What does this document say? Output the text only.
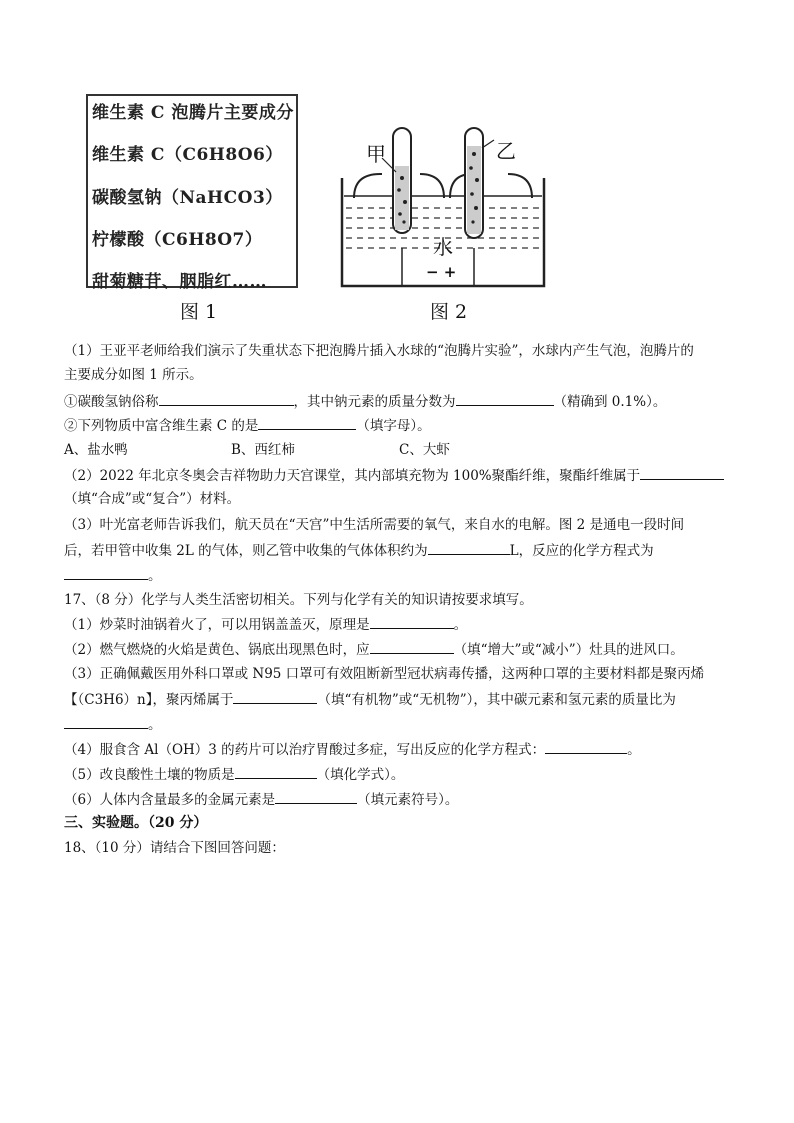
维生素 C 泡腾片主要成分
维生素 C（C6H8O6）
碳酸氢钠（NaHCO3）
柠檬酸（C6H8O7）
甜菊糖苷、胭脂红……
图 1
甲	乙
水
− +
图 2
（1）王亚平老师给我们演示了失重状态下把泡腾片插入水球的“泡腾片实验”，水球内产生气泡，泡腾片的
主要成分如图 1 所示。
①碳酸氢钠俗称	，其中钠元素的质量分数为	（精确到 0.1%）。
②下列物质中富含维生素 C 的是	（填字母）。
A、盐水鸭	B、西红柿	C、大虾
（2）2022 年北京冬奥会吉祥物助力天宫课堂，其内部填充物为 100%聚酯纤维，聚酯纤维属于
（填“合成”或“复合”）材料。
（3）叶光富老师告诉我们，航天员在“天宫”中生活所需要的氧气，来自水的电解。图 2 是通电一段时间
后，若甲管中收集 2L 的气体，则乙管中收集的气体体积约为	L，反应的化学方程式为
。
17、（8 分）化学与人类生活密切相关。下列与化学有关的知识请按要求填写。
（1）炒菜时油锅着火了，可以用锅盖盖灭，原理是	。
（2）燃气燃烧的火焰是黄色、锅底出现黑色时，应	（填“增大”或“减小”）灶具的进风口。
（3）正确佩戴医用外科口罩或 N95 口罩可有效阻断新型冠状病毒传播，这两种口罩的主要材料都是聚丙烯
【（C3H6）n】，聚丙烯属于	（填“有机物”或“无机物”），其中碳元素和氢元素的质量比为
。
（4）服食含 Al（OH）3 的药片可以治疗胃酸过多症，写出反应的化学方程式：	。
（5）改良酸性土壤的物质是	（填化学式）。
（6）人体内含量最多的金属元素是	（填元素符号）。
三、实验题。（20 分）
18、（10 分）请结合下图回答问题：
